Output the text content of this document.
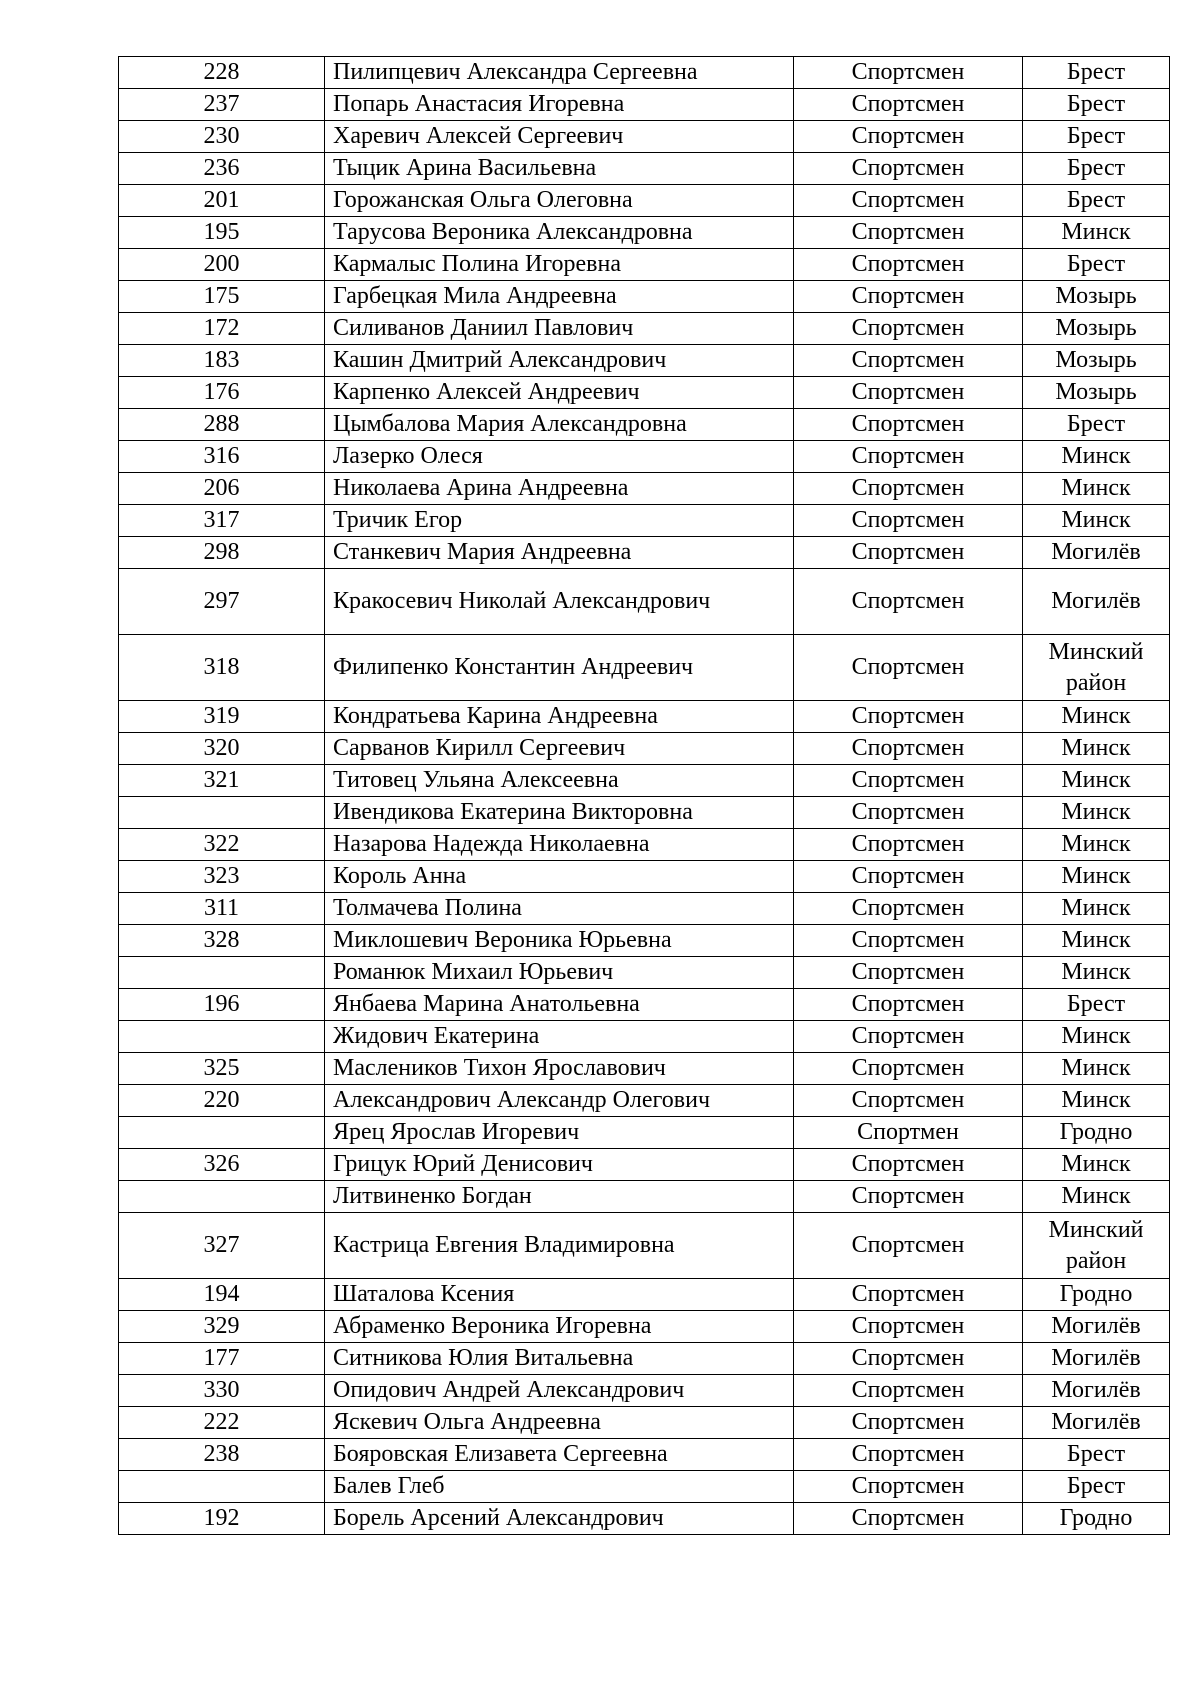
228	Пилипцевич Александра Сергеевна	Спортсмен	Брест
237	Попарь Анастасия Игоревна	Спортсмен	Брест
230	Харевич Алексей Сергеевич	Спортсмен	Брест
236	Тыцик Арина Васильевна	Спортсмен	Брест
201	Горожанская Ольга Олеговна	Спортсмен	Брест
195	Тарусова Вероника Александровна	Спортсмен	Минск
200	Кармалыс Полина Игоревна	Спортсмен	Брест
175	Гарбецкая Мила Андреевна	Спортсмен	Мозырь
172	Силиванов Даниил Павлович	Спортсмен	Мозырь
183	Кашин Дмитрий Александрович	Спортсмен	Мозырь
176	Карпенко Алексей Андреевич	Спортсмен	Мозырь
288	Цымбалова Мария Александровна	Спортсмен	Брест
316	Лазерко Олеся	Спортсмен	Минск
206	Николаева Арина Андреевна	Спортсмен	Минск
317	Тричик Егор	Спортсмен	Минск
298	Станкевич Мария Андреевна	Спортсмен	Могилёв
297	Кракосевич Николай Александрович	Спортсмен	Могилёв
318	Филипенко Константин Андреевич	Спортсмен	Минский район
319	Кондратьева Карина Андреевна	Спортсмен	Минск
320	Сарванов Кирилл Сергеевич	Спортсмен	Минск
321	Титовец Ульяна Алексеевна	Спортсмен	Минск
	Ивендикова Екатерина Викторовна	Спортсмен	Минск
322	Назарова Надежда Николаевна	Спортсмен	Минск
323	Король Анна	Спортсмен	Минск
311	Толмачева Полина	Спортсмен	Минск
328	Миклошевич Вероника Юрьевна	Спортсмен	Минск
	Романюк Михаил Юрьевич	Спортсмен	Минск
196	Янбаева Марина Анатольевна	Спортсмен	Брест
	Жидович Екатерина	Спортсмен	Минск
325	Маслеников Тихон Ярославович	Спортсмен	Минск
220	Александрович Александр Олегович	Спортсмен	Минск
	Ярец Ярослав Игоревич	Спортмен	Гродно
326	Грицук Юрий Денисович	Спортсмен	Минск
	Литвиненко Богдан	Спортсмен	Минск
327	Кастрица Евгения Владимировна	Спортсмен	Минский район
194	Шаталова Ксения	Спортсмен	Гродно
329	Абраменко Вероника Игоревна	Спортсмен	Могилёв
177	Ситникова Юлия Витальевна	Спортсмен	Могилёв
330	Опидович Андрей Александрович	Спортсмен	Могилёв
222	Яскевич Ольга Андреевна	Спортсмен	Могилёв
238	Бояровская Елизавета Сергеевна	Спортсмен	Брест
	Балев Глеб	Спортсмен	Брест
192	Борель Арсений Александрович	Спортсмен	Гродно
